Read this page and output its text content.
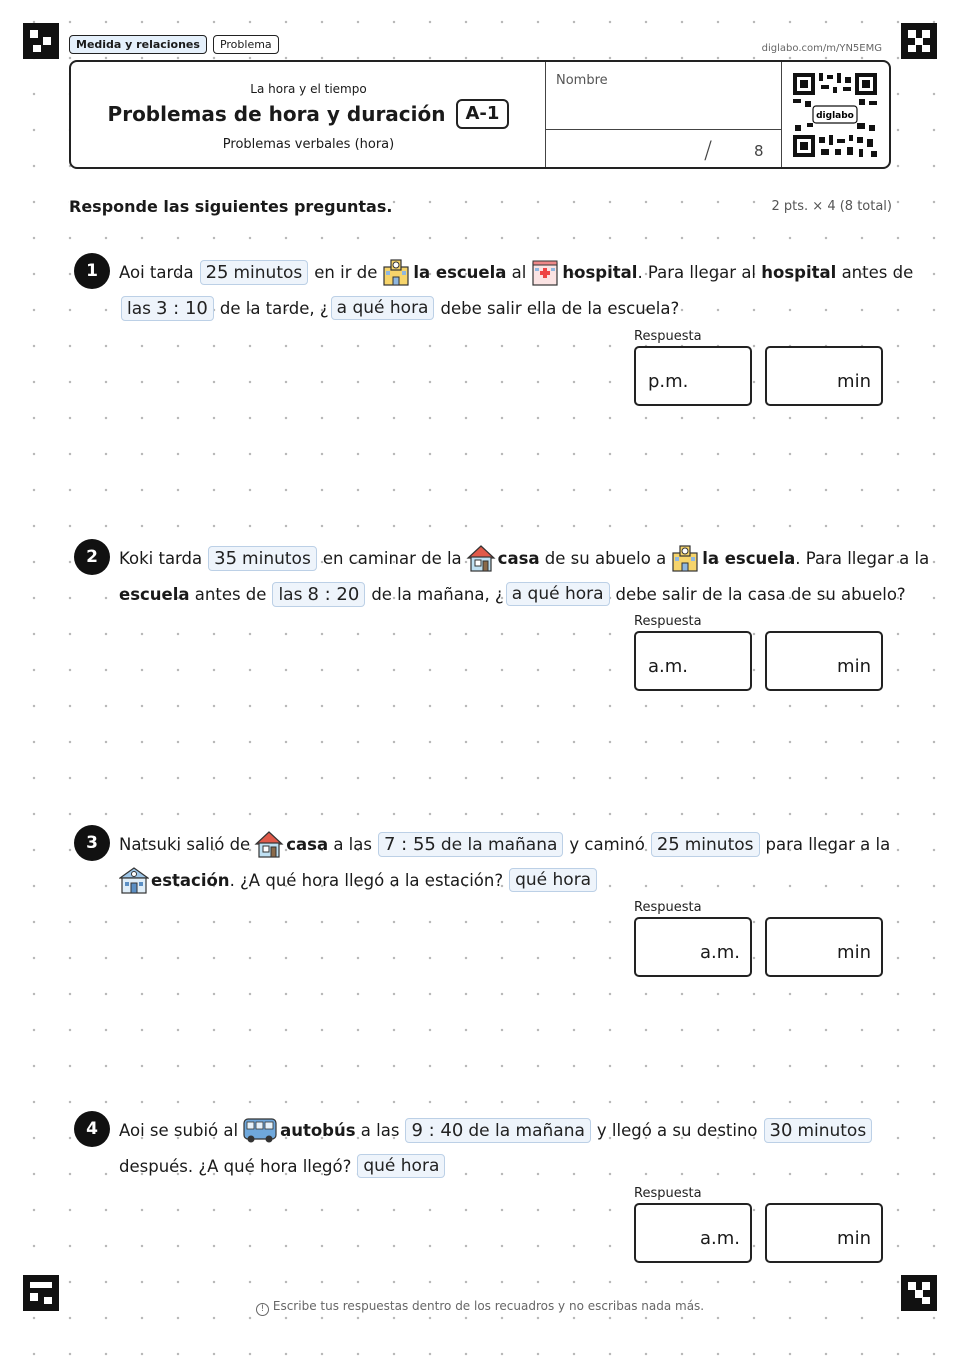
Medida y relaciones	Problema	diglabo.com/m/YN5EMG
La hora y el tiempo
Problemas de hora y duración	A-1
Problemas verbales (hora)
Nombre
/	8
diglabo
Responde las siguientes preguntas.	2 pts. × 4 (8 total)
1	Aoi tarda 25 minutos en ir de la escuela al hospital . Para llegar al hospital antes de
las 3 : 10 de la tarde, ¿ a qué hora debe salir ella de la escuela?
Respuesta
p.m.	min
2	Koki tarda 35 minutos en caminar de la casa de su abuelo a la escuela . Para llegar a la
escuela antes de las 8 : 20 de la mañana, ¿ a qué hora debe salir de la casa de su abuelo?
Respuesta
a.m.	min
3	Natsuki salió de casa a las 7 : 55 de la mañana y caminó 25 minutos para llegar a la
estación . ¿A qué hora llegó a la estación? qué hora
Respuesta
a.m.	min
4	Aoi se subió al	autobús a las 9 : 40 de la mañana y llegó a su destino 30 minutos
después. ¿A qué hora llegó? qué hora
Respuesta
a.m.	min
! Escribe tus respuestas dentro de los recuadros y no escribas nada más.
